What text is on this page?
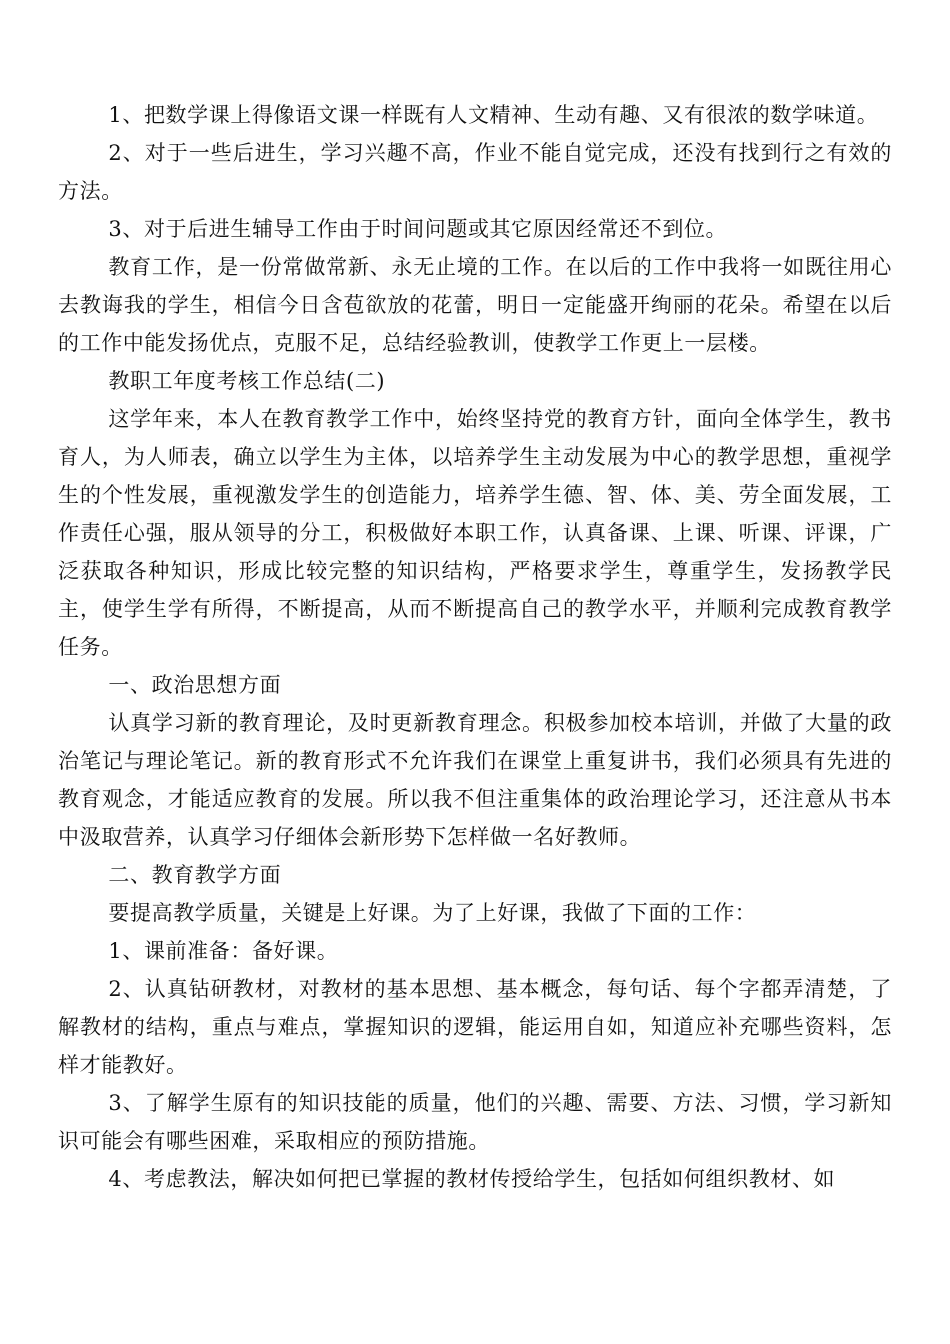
1、把数学课上得像语文课一样既有人文精神、生动有趣、又有很浓的数学味道。

2、对于一些后进生，学习兴趣不高，作业不能自觉完成，还没有找到行之有效的方法。

3、对于后进生辅导工作由于时间问题或其它原因经常还不到位。

教育工作，是一份常做常新、永无止境的工作。在以后的工作中我将一如既往用心去教诲我的学生，相信今日含苞欲放的花蕾，明日一定能盛开绚丽的花朵。希望在以后的工作中能发扬优点，克服不足，总结经验教训，使教学工作更上一层楼。

教职工年度考核工作总结(二)

这学年来，本人在教育教学工作中，始终坚持党的教育方针，面向全体学生，教书育人，为人师表，确立以学生为主体，以培养学生主动发展为中心的教学思想，重视学生的个性发展，重视激发学生的创造能力，培养学生德、智、体、美、劳全面发展，工作责任心强，服从领导的分工，积极做好本职工作，认真备课、上课、听课、评课，广泛获取各种知识，形成比较完整的知识结构，严格要求学生，尊重学生，发扬教学民主，使学生学有所得，不断提高，从而不断提高自己的教学水平，并顺利完成教育教学任务。

一、政治思想方面

认真学习新的教育理论，及时更新教育理念。积极参加校本培训，并做了大量的政治笔记与理论笔记。新的教育形式不允许我们在课堂上重复讲书，我们必须具有先进的教育观念，才能适应教育的发展。所以我不但注重集体的政治理论学习，还注意从书本中汲取营养，认真学习仔细体会新形势下怎样做一名好教师。

二、教育教学方面

要提高教学质量，关键是上好课。为了上好课，我做了下面的工作：

1、课前准备：备好课。

2、认真钻研教材，对教材的基本思想、基本概念，每句话、每个字都弄清楚，了解教材的结构，重点与难点，掌握知识的逻辑，能运用自如，知道应补充哪些资料，怎样才能教好。

3、了解学生原有的知识技能的质量，他们的兴趣、需要、方法、习惯，学习新知识可能会有哪些困难，采取相应的预防措施。

4、考虑教法，解决如何把已掌握的教材传授给学生，包括如何组织教材、如
